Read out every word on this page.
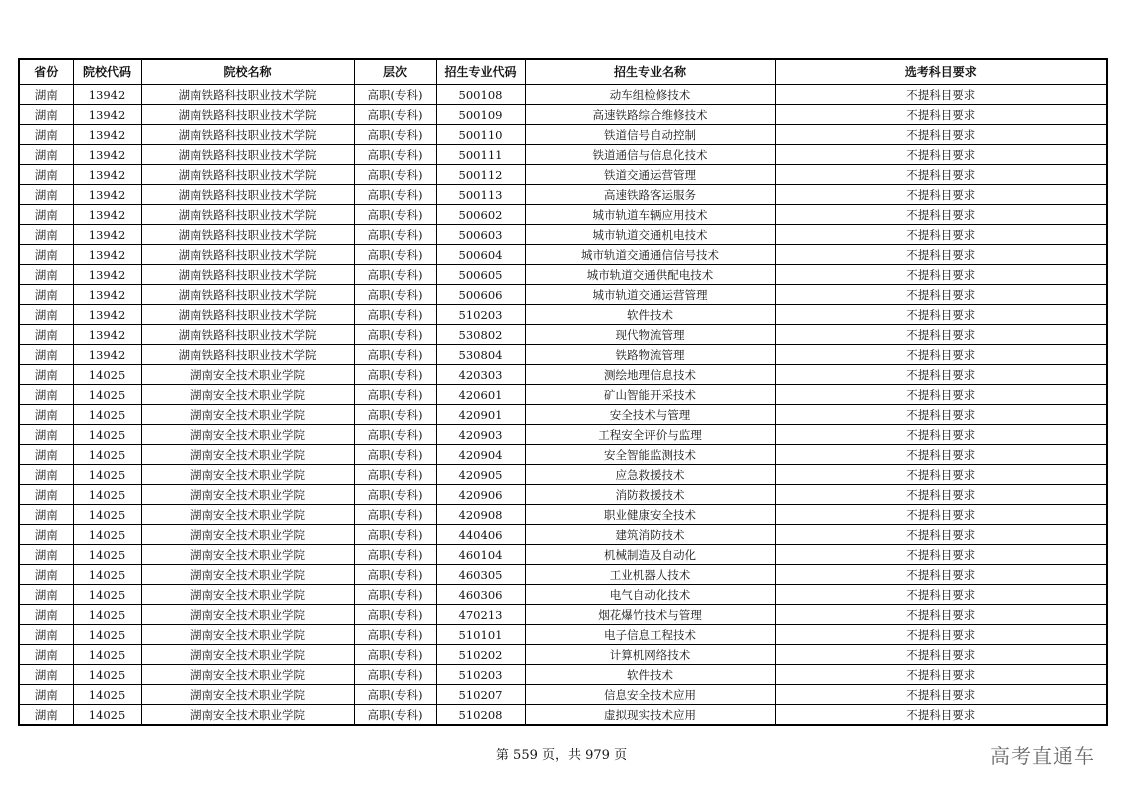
省份	院校代码	院校名称	层次	招生专业代码	招生专业名称	选考科目要求
湖南	13942	湖南铁路科技职业技术学院	高职(专科)	500108	动车组检修技术	不提科目要求
湖南	13942	湖南铁路科技职业技术学院	高职(专科)	500109	高速铁路综合维修技术	不提科目要求
湖南	13942	湖南铁路科技职业技术学院	高职(专科)	500110	铁道信号自动控制	不提科目要求
湖南	13942	湖南铁路科技职业技术学院	高职(专科)	500111	铁道通信与信息化技术	不提科目要求
湖南	13942	湖南铁路科技职业技术学院	高职(专科)	500112	铁道交通运营管理	不提科目要求
湖南	13942	湖南铁路科技职业技术学院	高职(专科)	500113	高速铁路客运服务	不提科目要求
湖南	13942	湖南铁路科技职业技术学院	高职(专科)	500602	城市轨道车辆应用技术	不提科目要求
湖南	13942	湖南铁路科技职业技术学院	高职(专科)	500603	城市轨道交通机电技术	不提科目要求
湖南	13942	湖南铁路科技职业技术学院	高职(专科)	500604	城市轨道交通通信信号技术	不提科目要求
湖南	13942	湖南铁路科技职业技术学院	高职(专科)	500605	城市轨道交通供配电技术	不提科目要求
湖南	13942	湖南铁路科技职业技术学院	高职(专科)	500606	城市轨道交通运营管理	不提科目要求
湖南	13942	湖南铁路科技职业技术学院	高职(专科)	510203	软件技术	不提科目要求
湖南	13942	湖南铁路科技职业技术学院	高职(专科)	530802	现代物流管理	不提科目要求
湖南	13942	湖南铁路科技职业技术学院	高职(专科)	530804	铁路物流管理	不提科目要求
湖南	14025	湖南安全技术职业学院	高职(专科)	420303	测绘地理信息技术	不提科目要求
湖南	14025	湖南安全技术职业学院	高职(专科)	420601	矿山智能开采技术	不提科目要求
湖南	14025	湖南安全技术职业学院	高职(专科)	420901	安全技术与管理	不提科目要求
湖南	14025	湖南安全技术职业学院	高职(专科)	420903	工程安全评价与监理	不提科目要求
湖南	14025	湖南安全技术职业学院	高职(专科)	420904	安全智能监测技术	不提科目要求
湖南	14025	湖南安全技术职业学院	高职(专科)	420905	应急救援技术	不提科目要求
湖南	14025	湖南安全技术职业学院	高职(专科)	420906	消防救援技术	不提科目要求
湖南	14025	湖南安全技术职业学院	高职(专科)	420908	职业健康安全技术	不提科目要求
湖南	14025	湖南安全技术职业学院	高职(专科)	440406	建筑消防技术	不提科目要求
湖南	14025	湖南安全技术职业学院	高职(专科)	460104	机械制造及自动化	不提科目要求
湖南	14025	湖南安全技术职业学院	高职(专科)	460305	工业机器人技术	不提科目要求
湖南	14025	湖南安全技术职业学院	高职(专科)	460306	电气自动化技术	不提科目要求
湖南	14025	湖南安全技术职业学院	高职(专科)	470213	烟花爆竹技术与管理	不提科目要求
湖南	14025	湖南安全技术职业学院	高职(专科)	510101	电子信息工程技术	不提科目要求
湖南	14025	湖南安全技术职业学院	高职(专科)	510202	计算机网络技术	不提科目要求
湖南	14025	湖南安全技术职业学院	高职(专科)	510203	软件技术	不提科目要求
湖南	14025	湖南安全技术职业学院	高职(专科)	510207	信息安全技术应用	不提科目要求
湖南	14025	湖南安全技术职业学院	高职(专科)	510208	虚拟现实技术应用	不提科目要求
第 559 页，共 979 页	高考直通车
